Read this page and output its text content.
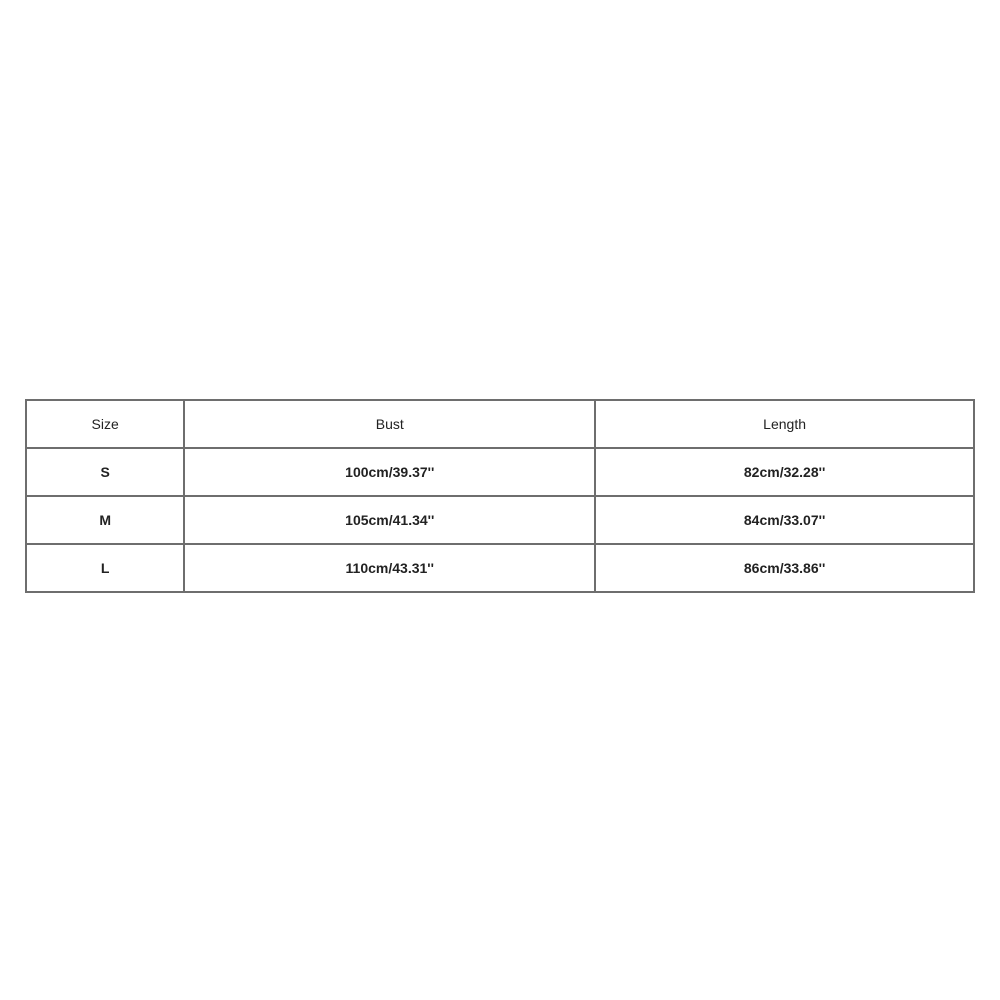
Size	Bust	Length
S	100cm/39.37''	82cm/32.28''
M	105cm/41.34''	84cm/33.07''
L	110cm/43.31''	86cm/33.86''
